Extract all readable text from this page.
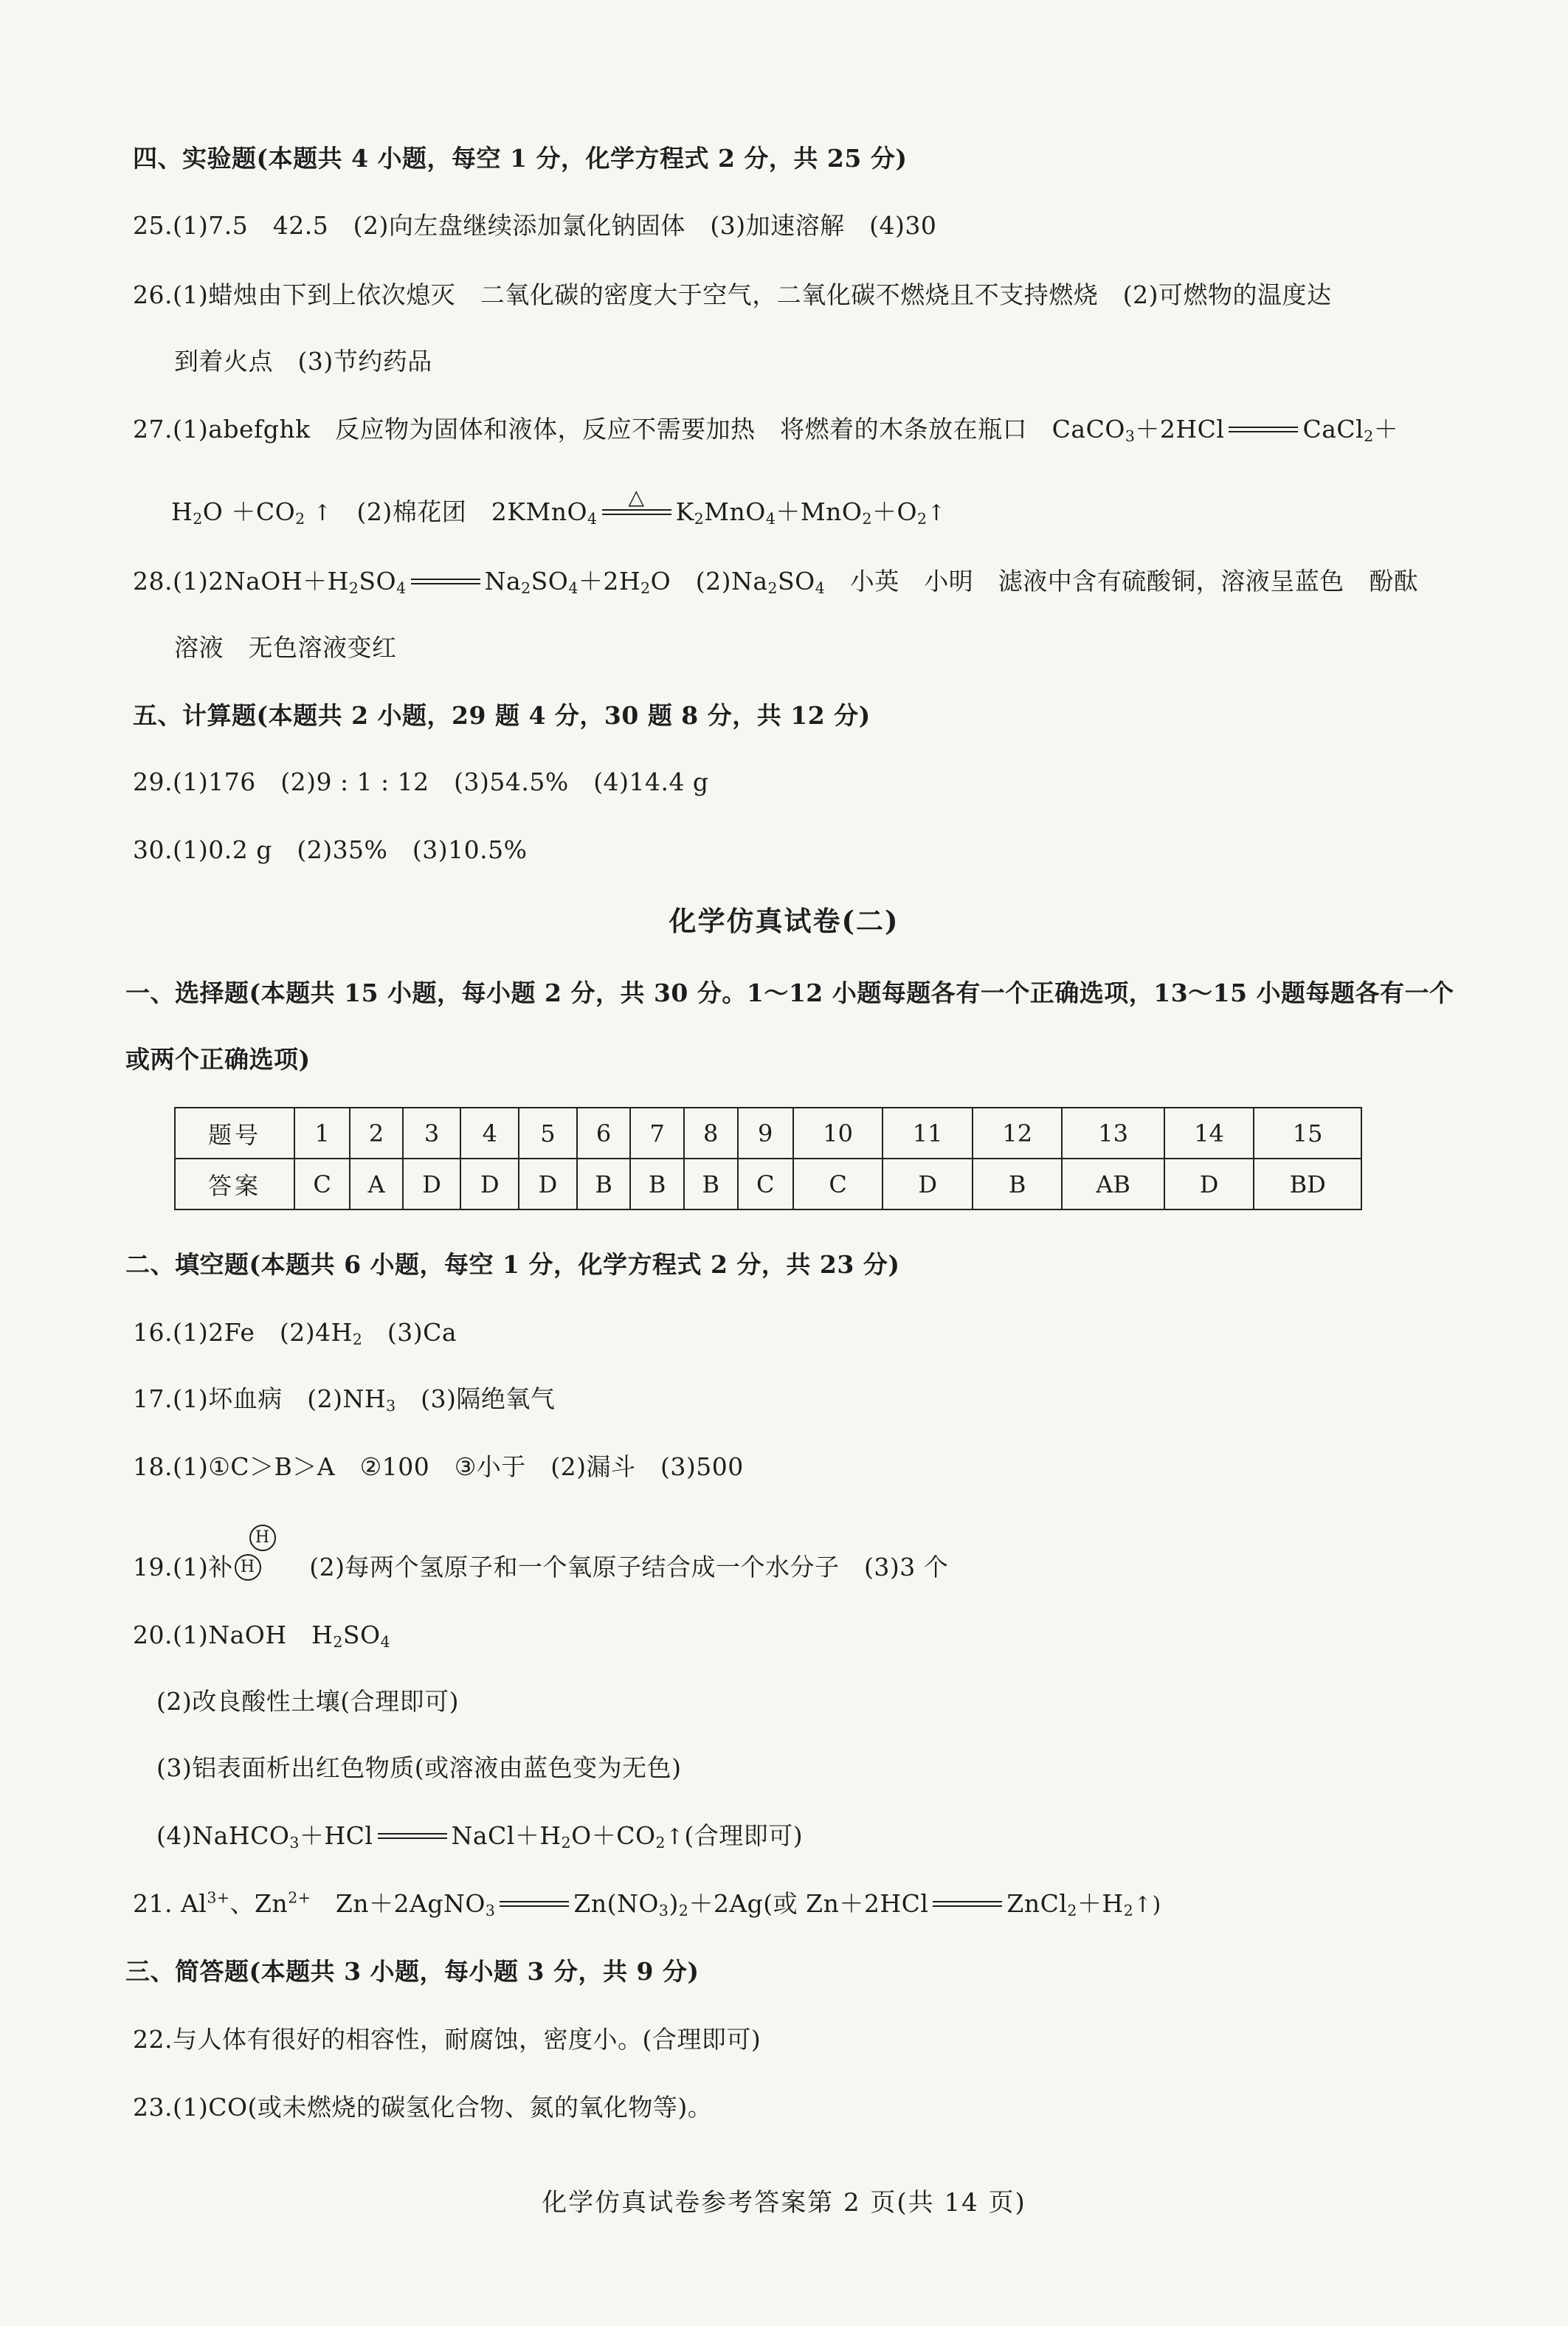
四、实验题(本题共 4 小题，每空 1 分，化学方程式 2 分，共 25 分)
25.(1)7.5　42.5　(2)向左盘继续添加氯化钠固体　(3)加速溶解　(4)30
26.(1)蜡烛由下到上依次熄灭　二氧化碳的密度大于空气，二氧化碳不燃烧且不支持燃烧　(2)可燃物的温度达
到着火点　(3)节约药品
27.(1)abefghk　反应物为固体和液体，反应不需要加热　将燃着的木条放在瓶口　CaCO$_3$＋2HCl	CaCl$_2$＋
$H_2O +CO_2$ ↑　 (2)棉花团　2KMnO$_4$
△
$K_2MnO_4+MnO_2+O_2↑$
$28.(1)2NaOH+H_2SO_4$	$Na_2SO_4+2H_2O$　$(2)Na_2SO_4$　 小英　小明　滤液中含有硫酸铜，溶液呈蓝色　酚酞
溶液　无色溶液变红
五、计算题(本题共 2 小题，29 题 4 分，30 题 8 分，共 12 分)
29.(1)176　(2)9 : 1 : 12　(3)54.5%　(4)14.4 g
30.(1)0.2 g　(2)35%　(3)10.5%
化学仿真试卷(二)
一、选择题(本题共 15 小题，每小题 2 分，共 30 分。1～12 小题每题各有一个正确选项，13～15 小题每题各有一个
或两个正确选项)
题号	1	2	3	4	5	6	7	8	9	10	11	12	13	14	15
答案	C	A	D	D	D	B	B	B	C	C	D	B	AB	D	BD
二、填空题(本题共 6 小题，每空 1 分，化学方程式 2 分，共 23 分)
16.(1)2Fe　$(2)4H_2$　(3)Ca
17.(1)坏血病　$(2)NH_3$　(3)隔绝氧气
18.(1)①C＞B＞A　②100　③小于　(2)漏斗　(3)500
19.(1)补 H
H
　(2)每两个氢原子和一个氧原子结合成一个水分子　(3)3 个
20.(1)NaOH　$H_2SO_4$
(2)改良酸性土壤(合理即可)
(3)铝表面析出红色物质(或溶液由蓝色变为无色)
(4)NaHCO$_3$＋HCl	$NaCl+H_2O+CO_2↑$(合理即可)
21. $Al^{3+}$、$Zn^{2+}$　Zn＋2AgNO$_3$	$Zn(NO_3)_2+2Ag$(或 Zn＋2HCl	$ZnCl_2+H_2↑$)
三、简答题(本题共 3 小题，每小题 3 分，共 9 分)
22.与人体有很好的相容性，耐腐蚀，密度小。(合理即可)
23.(1)CO(或未燃烧的碳氢化合物、氮的氧化物等)。
化学仿真试卷参考答案第 2 页(共 14 页)
